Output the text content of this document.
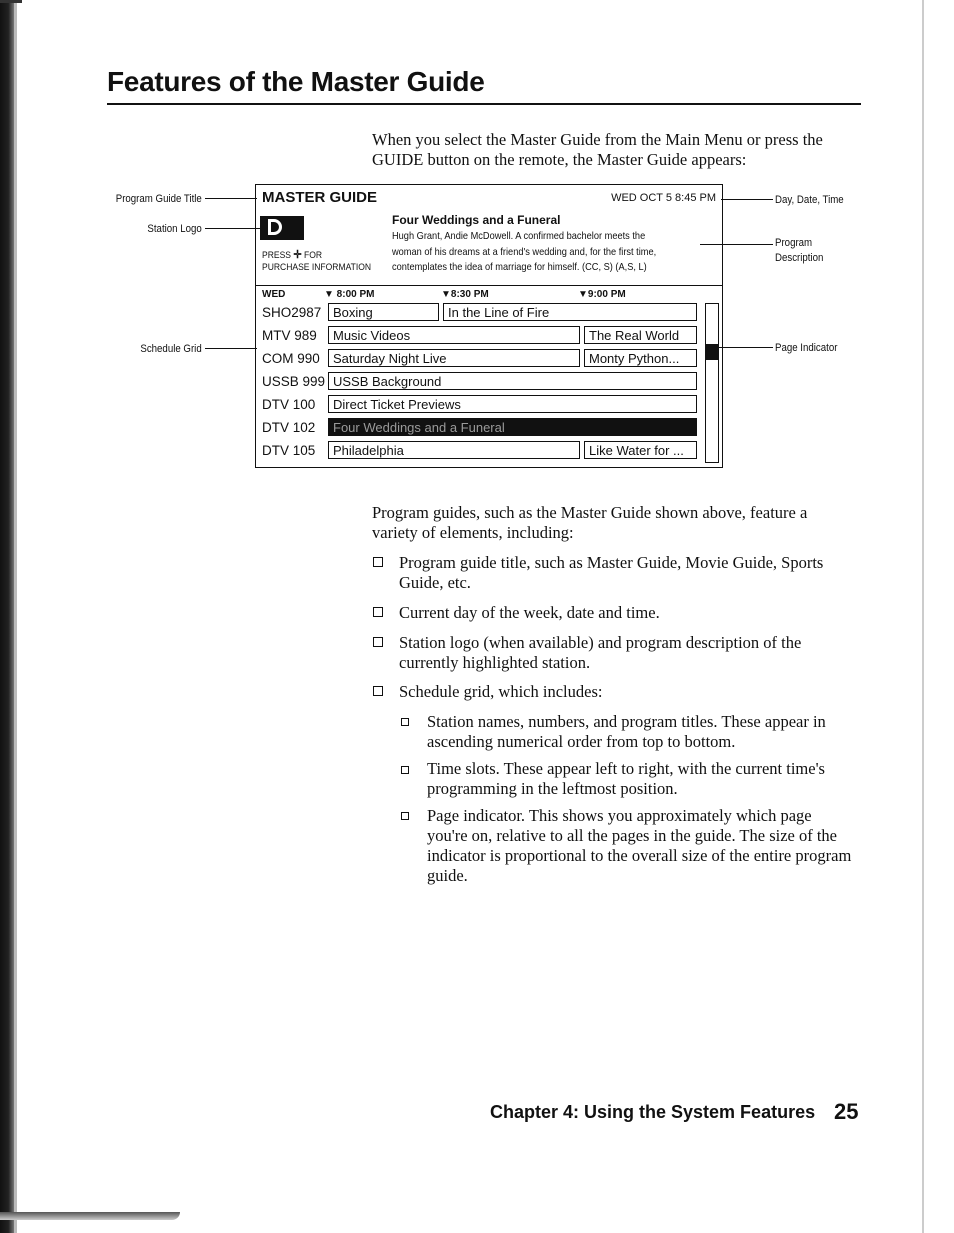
Features of the Master Guide

When you select the Master Guide from the Main Menu or press the GUIDE button on the remote, the Master Guide appears:

Program Guide Title
Station Logo
Schedule Grid
Day, Date, Time
Program
Description
Page Indicator
MASTER GUIDE	WED OCT 5 8:45 PM
PRESS ✛ FOR
PURCHASE INFORMATION
Four Weddings and a Funeral
Hugh Grant, Andie McDowell. A confirmed bachelor meets the
woman of his dreams at a friend's wedding and, for the first time,
contemplates the idea of marriage for himself. (CC, S) (A,S, L)
WED	▼ 8:00 PM	▼8:30 PM	▼9:00 PM
SHO2987 Boxing	In the Line of Fire
MTV 989	Music Videos	The Real World
COM 990	Saturday Night Live	Monty Python...
USSB 999 USSB Background
DTV 100	Direct Ticket Previews
DTV 102	Four Weddings and a Funeral
DTV 105	Philadelphia	Like Water for ...

Program guides, such as the Master Guide shown above, feature a variety of elements, including:

Program guide title, such as Master Guide, Movie Guide, Sports Guide, etc.

Current day of the week, date and time.

Station logo (when available) and program description of the currently highlighted station.

Schedule grid, which includes:

Station names, numbers, and program titles. These appear in ascending numerical order from top to bottom.

Time slots. These appear left to right, with the current time's programming in the leftmost position.

Page indicator. This shows you approximately which page you're on, relative to all the pages in the guide. The size of the indicator is proportional to the overall size of the entire program guide.

Chapter 4: Using the System Features 25
